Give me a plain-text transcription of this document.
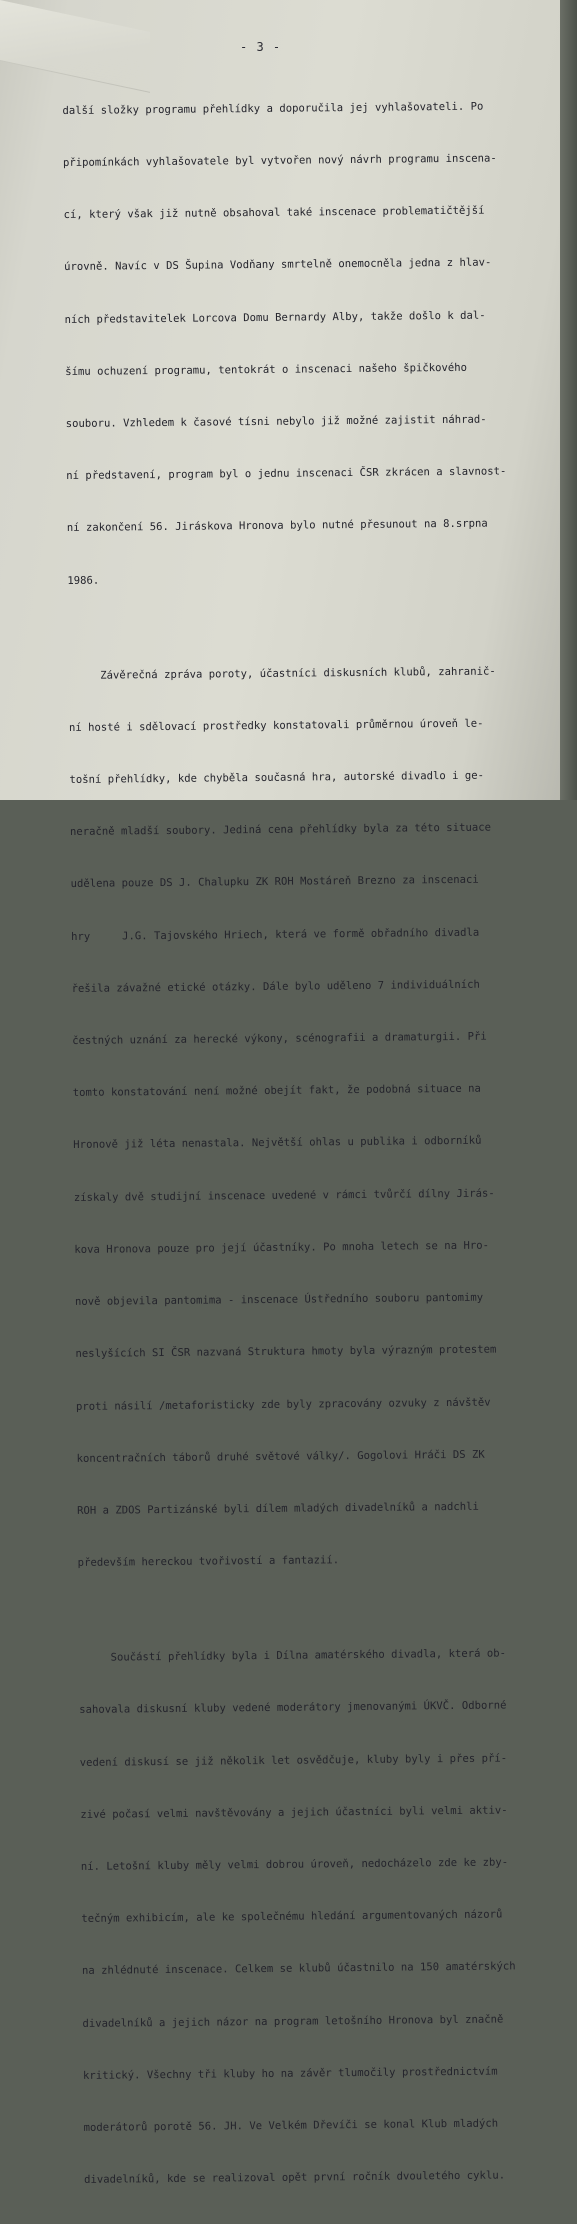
- 3 -

další složky programu přehlídky a doporučila jej vyhlašovateli. Po

připomínkách vyhlašovatele byl vytvořen nový návrh programu inscena-

cí, který však již nutně obsahoval také inscenace problematičtější

úrovně. Navíc v DS Šupina Vodňany smrtelně onemocněla jedna z hlav-

ních představitelek Lorcova Domu Bernardy Alby, takže došlo k dal-

šímu ochuzení programu, tentokrát o inscenaci našeho špičkového

souboru. Vzhledem k časové tísni nebylo již možné zajistit náhrad-

ní představení, program byl o jednu inscenaci ČSR zkrácen a slavnost-

ní zakončení 56. Jiráskova Hronova bylo nutné přesunout na 8.srpna

1986.

Závěrečná zpráva poroty, účastníci diskusních klubů, zahranič-

ní hosté i sdělovací prostředky konstatovali průměrnou úroveň le-

tošní přehlídky, kde chyběla současná hra, autorské divadlo i ge-

neračně mladší soubory. Jediná cena přehlídky byla za této situace

udělena pouze DS J. Chalupku ZK ROH Mostáreň Brezno za inscenaci

hry     J.G. Tajovského Hriech, která ve formě obřadního divadla

řešila závažné etické otázky. Dále bylo uděleno 7 individuálních

čestných uznání za herecké výkony, scénografii a dramaturgii. Při

tomto konstatování není možné obejít fakt, že podobná situace na

Hronově již léta nenastala. Největší ohlas u publika i odborníků

získaly dvě studijní inscenace uvedené v rámci tvůrčí dílny Jirás-

kova Hronova pouze pro její účastníky. Po mnoha letech se na Hro-

nově objevila pantomima - inscenace Ústředního souboru pantomimy

neslyšících SI ČSR nazvaná Struktura hmoty byla výrazným protestem

proti násilí /metaforisticky zde byly zpracovány ozvuky z návštěv

koncentračních táborů druhé světové války/. Gogolovi Hráči DS ZK

ROH a ZDOS Partizánské byli dílem mladých divadelníků a nadchli

především hereckou tvořivostí a fantazií.

Součástí přehlídky byla i Dílna amatérského divadla, která ob-

sahovala diskusní kluby vedené moderátory jmenovanými ÚKVČ. Odborné

vedení diskusí se již několik let osvědčuje, kluby byly i přes pří-

zivé počasí velmi navštěvovány a jejich účastníci byli velmi aktiv-

ní. Letošní kluby měly velmi dobrou úroveň, nedocházelo zde ke zby-

tečným exhibicím, ale ke společnému hledání argumentovaných názorů

na zhlédnuté inscenace. Celkem se klubů účastnilo na 150 amatérských

divadelníků a jejich názor na program letošního Hronova byl značně

kritický. Všechny tři kluby ho na závěr tlumočily prostřednictvím

moderátorů porotě 56. JH. Ve Velkém Dřevíči se konal Klub mladých

divadelníků, kde se realizoval opět první ročník dvouletého cyklu.
